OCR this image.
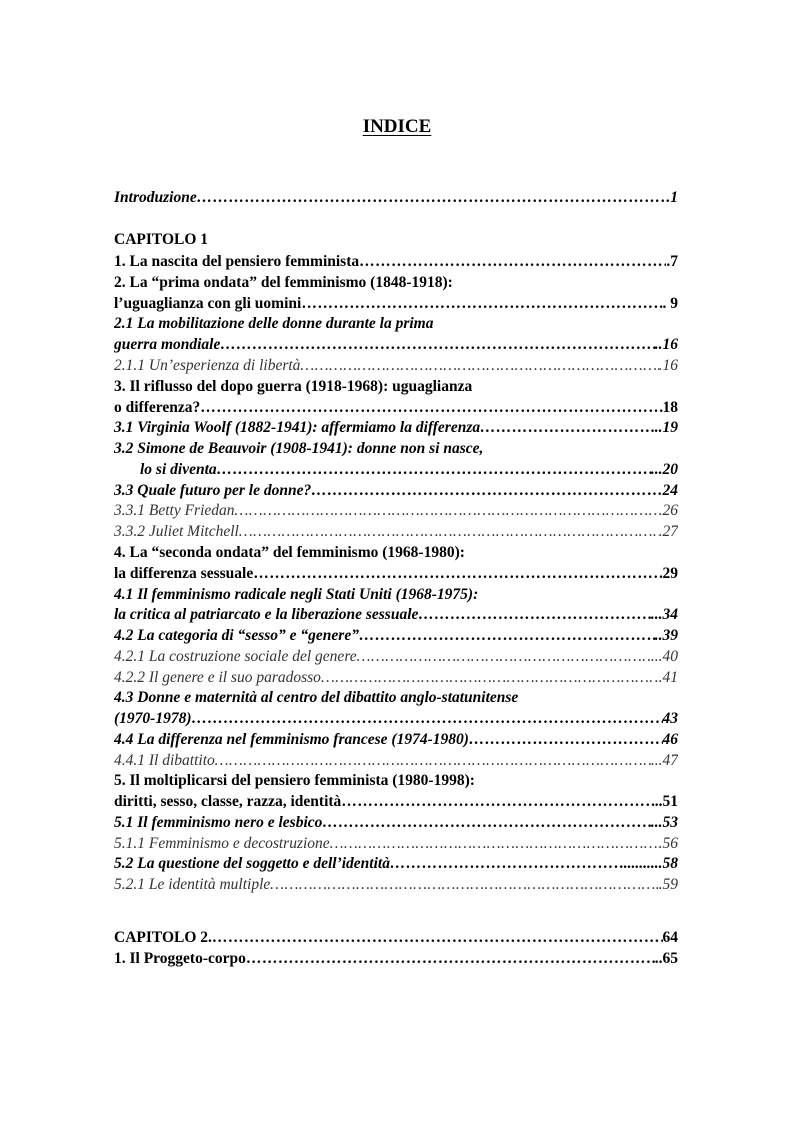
INDICE
Introduzione ……………………………………………………………………………………………………………………………………………………………………	.1
CAPITOLO 1
1. La nascita del pensiero femminista ……………………………………………………………………………………………………………………………………………………………………	.7
2. La “prima ondata” del femminismo (1848-1918):
l’uguaglianza con gli uomini ……………………………………………………………………………………………………………………………………………………………………	. 9
2.1 La mobilitazione delle donne durante la prima
guerra mondiale ……………………………………………………………………………………………………………………………………………………………………	..16
2.1.1 Un’esperienza di libertà ……………………………………………………………………………………………………………………………………………………………………	.16
3. Il riflusso del dopo guerra (1918-1968): uguaglianza
o differenza? ……………………………………………………………………………………………………………………………………………………………………	18
3.1 Virginia Woolf (1882-1941): affermiamo la differenza ……………………………………………………………………………………………………………………………………………………………………	..19
3.2 Simone de Beauvoir (1908-1941): donne non si nasce,
lo si diventa ……………………………………………………………………………………………………………………………………………………………………	...20
3.3 Quale futuro per le donne? ……………………………………………………………………………………………………………………………………………………………………	24
3.3.1 Betty Friedan ……………………………………………………………………………………………………………………………………………………………………	.26
3.3.2 Juliet Mitchell ……………………………………………………………………………………………………………………………………………………………………	.27
4. La “seconda ondata” del femminismo (1968-1980):
la differenza sessuale ……………………………………………………………………………………………………………………………………………………………………	29
4.1 Il femminismo radicale negli Stati Uniti (1968-1975):
la critica al patriarcato e la liberazione sessuale ……………………………………………………………………………………………………………………………………………………………………	...34
4.2 La categoria di “sesso” e “genere” ……………………………………………………………………………………………………………………………………………………………………	..39
4.2.1 La costruzione sociale del genere ……………………………………………………………………………………………………………………………………………………………………	...40
4.2.2 Il genere e il suo paradosso ……………………………………………………………………………………………………………………………………………………………………	..41
4.3 Donne e maternità al centro del dibattito anglo-statunitense
(1970-1978) ……………………………………………………………………………………………………………………………………………………………………	43
4.4 La differenza nel femminismo francese (1974-1980) ……………………………………………………………………………………………………………………………………………………………………	46
4.4.1 Il dibattito ……………………………………………………………………………………………………………………………………………………………………	...47
5. Il moltiplicarsi del pensiero femminista (1980-1998):
diritti, sesso, classe, razza, identità ……………………………………………………………………………………………………………………………………………………………………	..51
5.1 Il femminismo nero e lesbico ……………………………………………………………………………………………………………………………………………………………………	...53
5.1.1 Femminismo e decostruzione ……………………………………………………………………………………………………………………………………………………………………	.56
5.2 La questione del soggetto e dell’identità ……………………………………………………………………………………………………………………………………………………………………	..........58
5.2.1 Le identità multiple ……………………………………………………………………………………………………………………………………………………………………	.59
CAPITOLO 2. ……………………………………………………………………………………………………………………………………………………………………	64
1. Il Proggeto-corpo ……………………………………………………………………………………………………………………………………………………………………	..65
